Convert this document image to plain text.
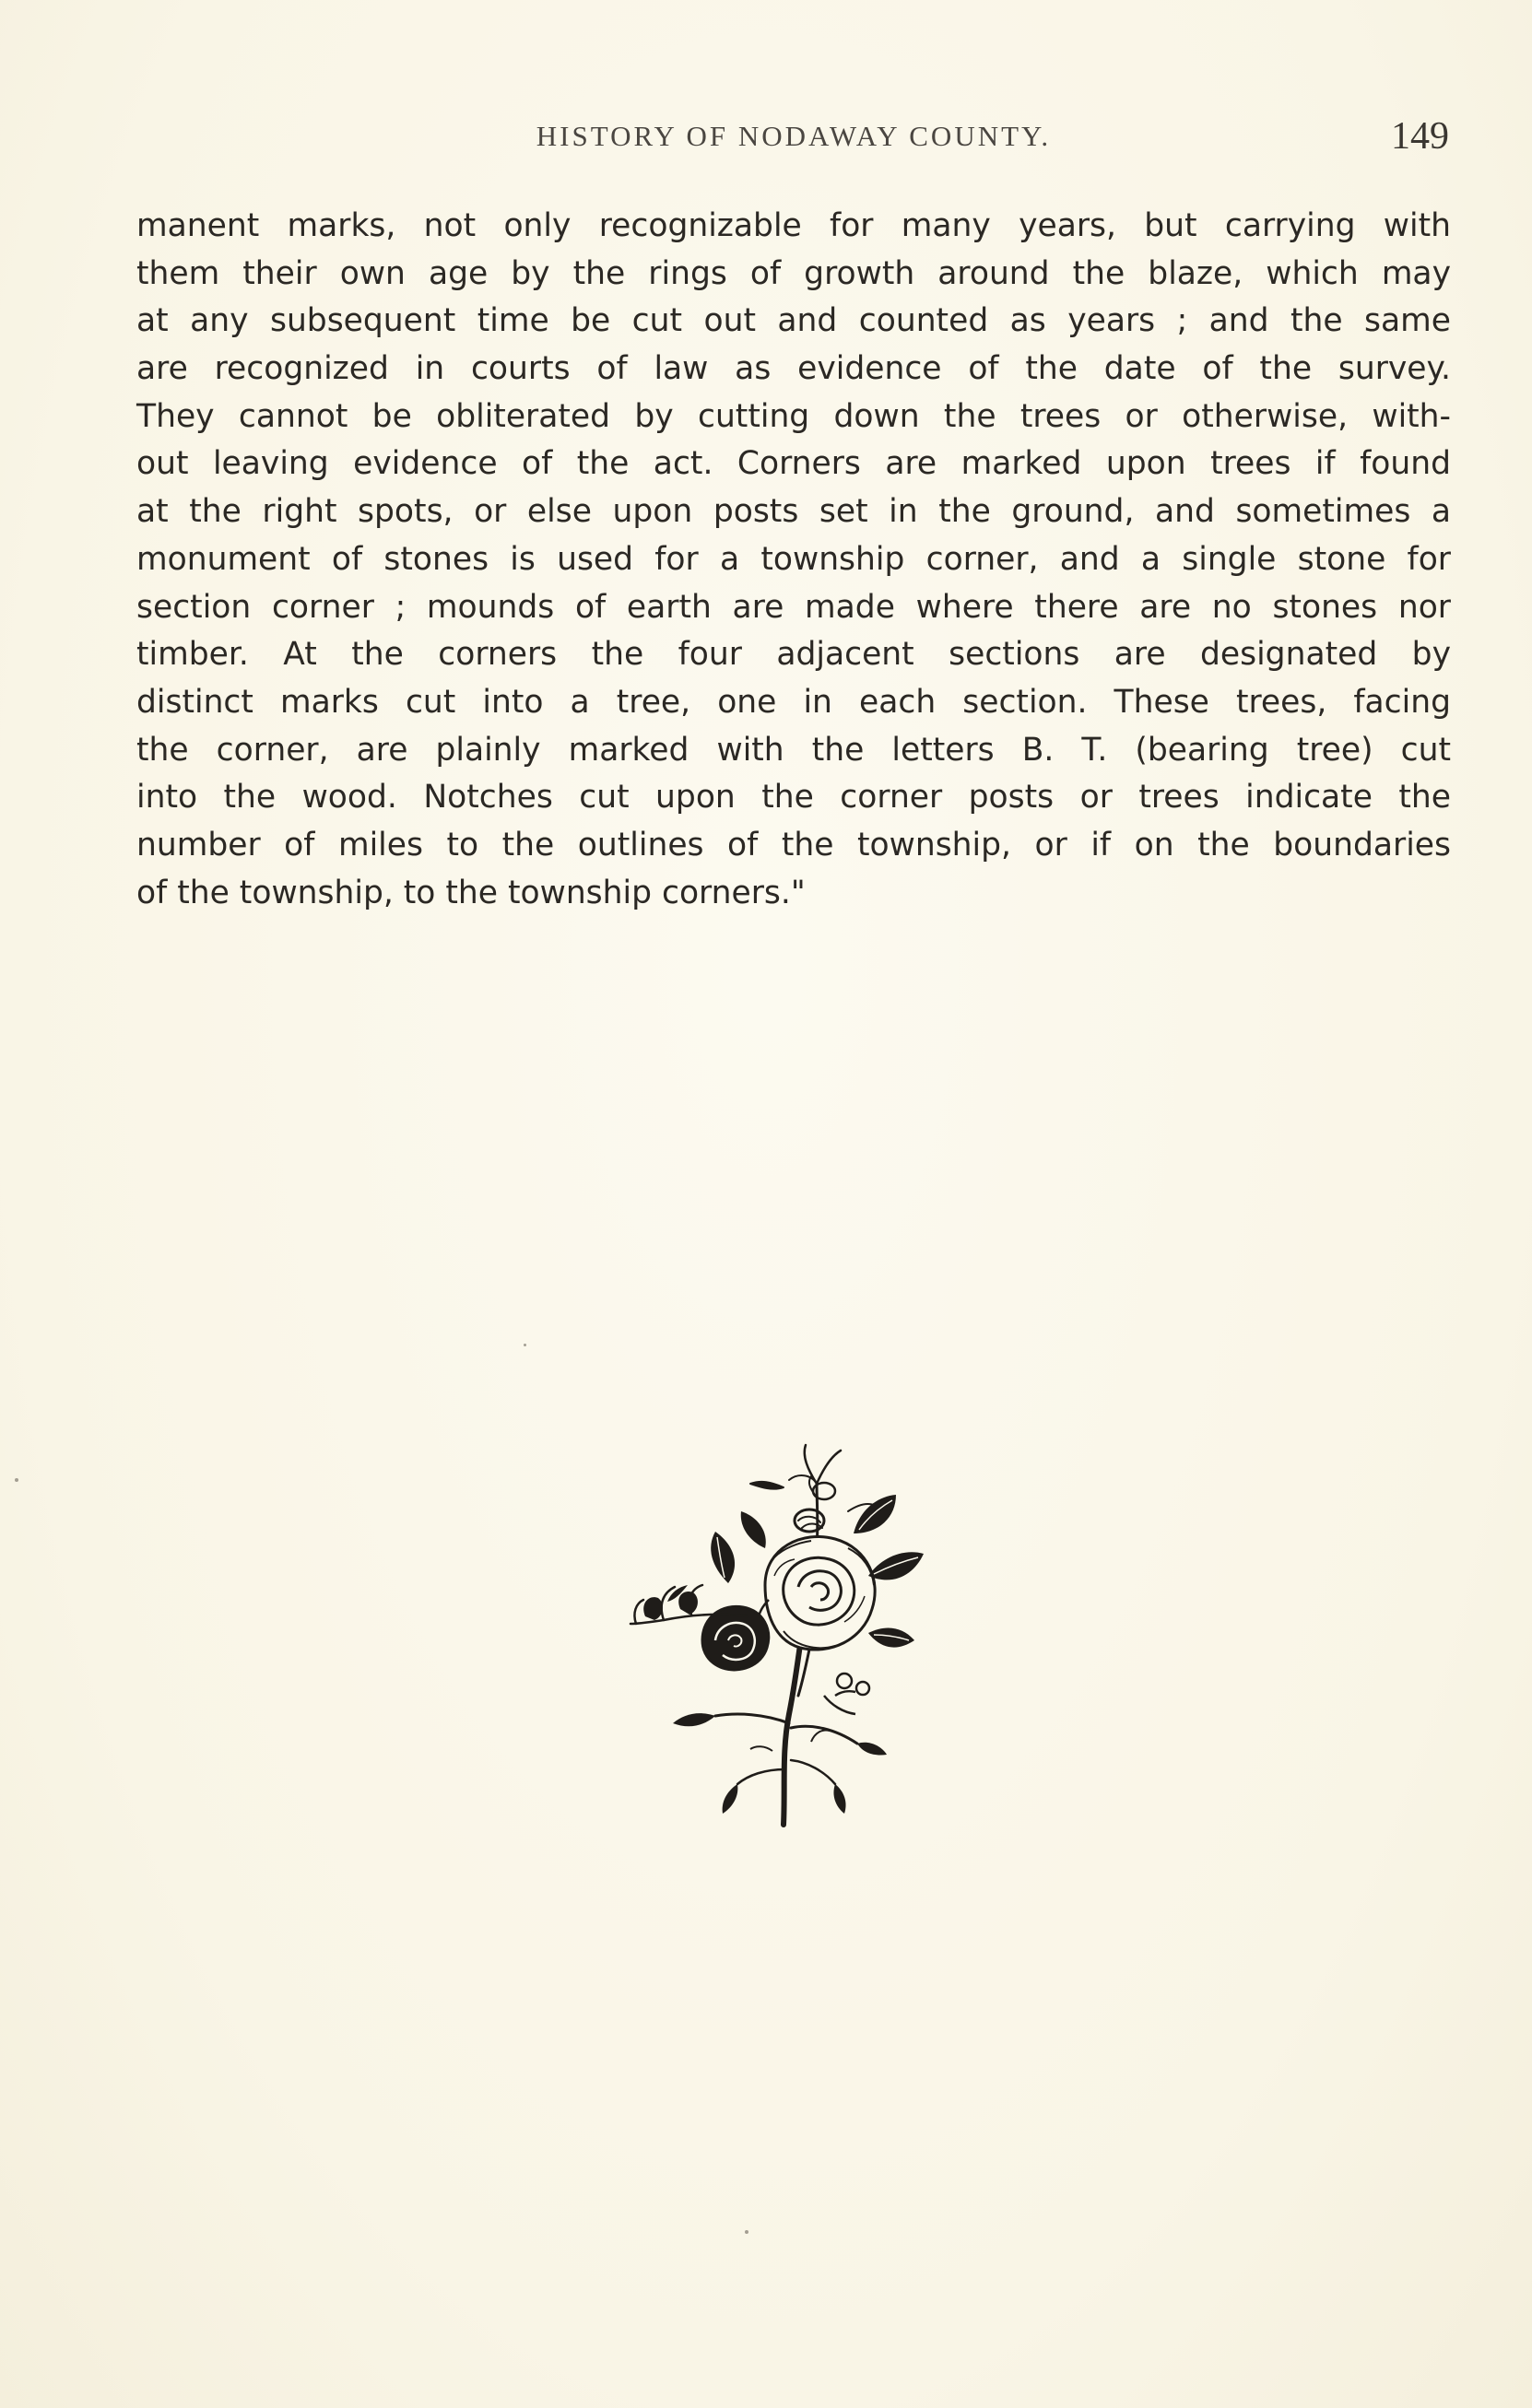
HISTORY OF NODAWAY COUNTY.	149
manent marks, not only recognizable for many years, but carrying with
them their own age by the rings of growth around the blaze, which may
at any subsequent time be cut out and counted as years ; and the same
are recognized in courts of law as evidence of the date of the survey.
They cannot be obliterated by cutting down the trees or otherwise, with-
out leaving evidence of the act. Corners are marked upon trees if found
at the right spots, or else upon posts set in the ground, and sometimes a
monument of stones is used for a township corner, and a single stone for
section corner ; mounds of earth are made where there are no stones nor
timber. At the corners the four adjacent sections are designated by
distinct marks cut into a tree, one in each section. These trees, facing
the corner, are plainly marked with the letters B. T. (bearing tree) cut
into the wood. Notches cut upon the corner posts or trees indicate the
number of miles to the outlines of the township, or if on the boundaries
of the township, to the township corners."
